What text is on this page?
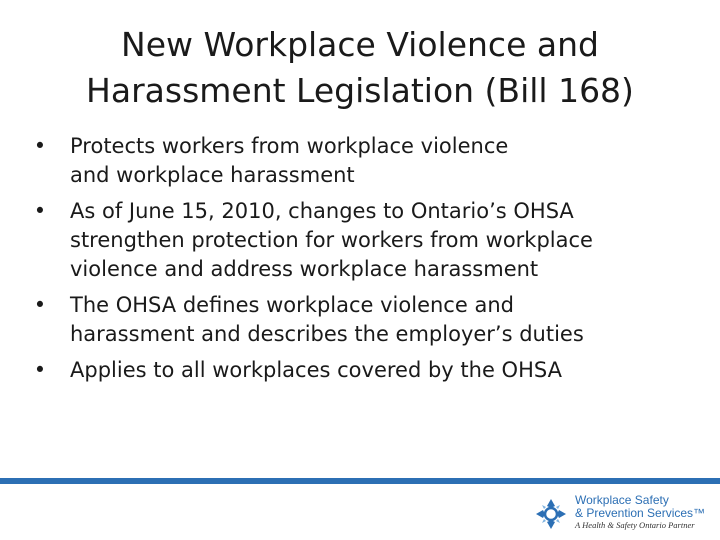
New Workplace Violence and
Harassment Legislation (Bill 168)
• Protects workers from workplace violence
and workplace harassment
• As of June 15, 2010, changes to Ontario’s OHSA
strengthen protection for workers from workplace
violence and address workplace harassment
• The OHSA defines workplace violence and
harassment and describes the employer’s duties
• Applies to all workplaces covered by the OHSA
Workplace Safety
& Prevention Services™
A Health & Safety Ontario Partner
